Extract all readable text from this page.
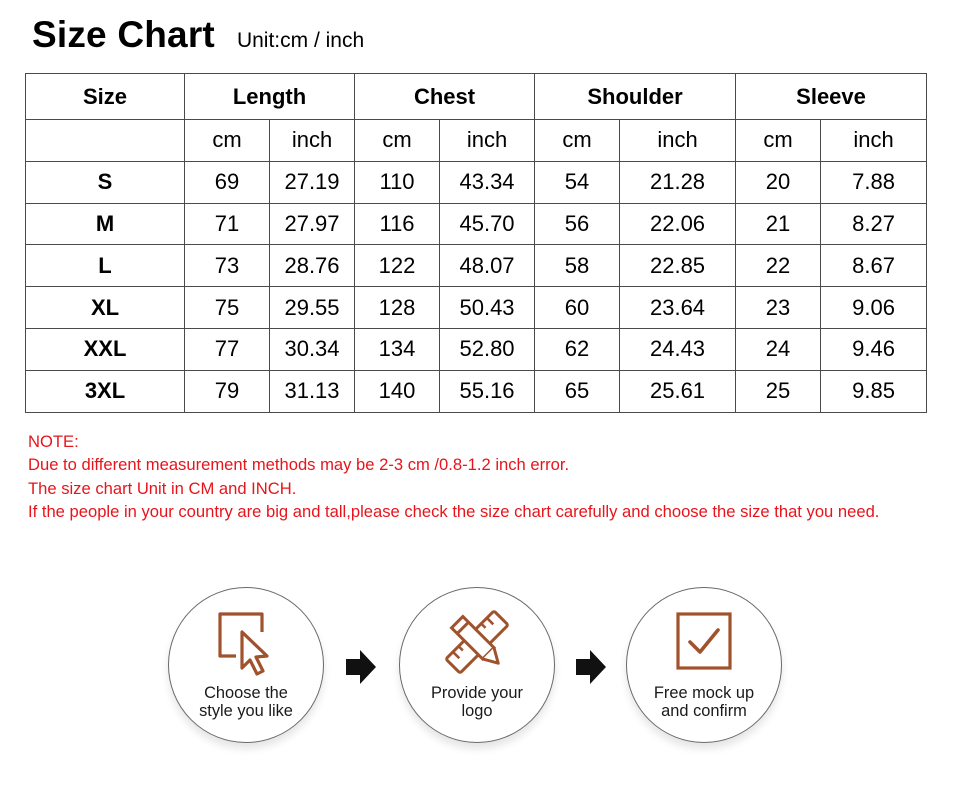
Size Chart Unit:cm / inch
Size	Length		Chest		Shoulder		Sleeve	
	cm	inch	cm	inch	cm	inch	cm	inch
S	69	27.19	110	43.34	54	21.28	20	7.88
M	71	27.97	116	45.70	56	22.06	21	8.27
L	73	28.76	122	48.07	58	22.85	22	8.67
XL	75	29.55	128	50.43	60	23.64	23	9.06
XXL	77	30.34	134	52.80	62	24.43	24	9.46
3XL	79	31.13	140	55.16	65	25.61	25	9.85
NOTE:
Due to different measurement methods may be 2-3 cm /0.8-1.2 inch error.
The size chart Unit in CM and INCH.
If the people in your country are big and tall,please check the size chart carefully and choose the size that you need.
Choose the
style you like
Provide your
logo
Free mock up
and confirm
